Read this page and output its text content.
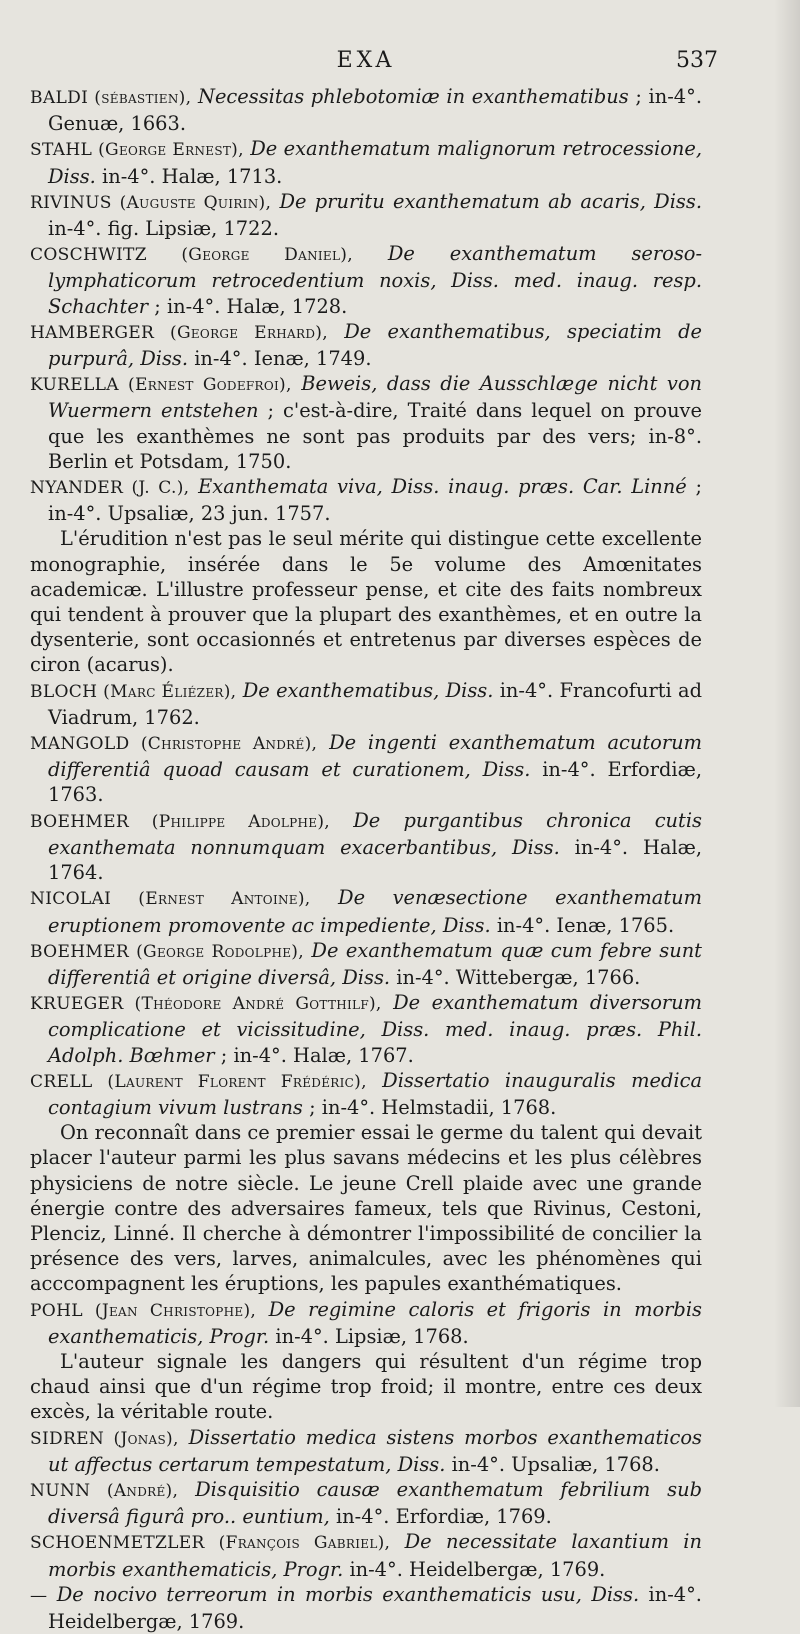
EXA	537

BALDI (sébastien), Necessitas phlebotomiæ in exanthematibus ; in-4°. Genuæ, 1663.

STAHL (George Ernest), De exanthematum malignorum retrocessione, Diss. in-4°. Halæ, 1713.

RIVINUS (Auguste Quirin), De pruritu exanthematum ab acaris, Diss. in-4°. fig. Lipsiæ, 1722.

COSCHWITZ (George Daniel), De exanthematum seroso-lymphaticorum retrocedentium noxis, Diss. med. inaug. resp. Schachter ; in-4°. Halæ, 1728.

HAMBERGER (George Erhard), De exanthematibus, speciatim de purpurâ, Diss. in-4°. Ienæ, 1749.

KURELLA (Ernest Godefroi), Beweis, dass die Ausschlæge nicht von Wuermern entstehen ; c'est-à-dire, Traité dans lequel on prouve que les exanthèmes ne sont pas produits par des vers; in-8°. Berlin et Potsdam, 1750.

NYANDER (J. C.), Exanthemata viva, Diss. inaug. præs. Car. Linné ; in-4°. Upsaliæ, 23 jun. 1757.

L'érudition n'est pas le seul mérite qui distingue cette excellente monographie, insérée dans le 5e volume des Amœnitates academicæ. L'illustre professeur pense, et cite des faits nombreux qui tendent à prouver que la plupart des exanthèmes, et en outre la dysenterie, sont occasionnés et entretenus par diverses espèces de ciron (acarus).

BLOCH (Marc Éliézer), De exanthematibus, Diss. in-4°. Francofurti ad Viadrum, 1762.

MANGOLD (Christophe André), De ingenti exanthematum acutorum differentiâ quoad causam et curationem, Diss. in-4°. Erfordiæ, 1763.

BOEHMER (Philippe Adolphe), De purgantibus chronica cutis exanthemata nonnumquam exacerbantibus, Diss. in-4°. Halæ, 1764.

NICOLAI (Ernest Antoine), De venæsectione exanthematum eruptionem promovente ac impediente, Diss. in-4°. Ienæ, 1765.

BOEHMER (George Rodolphe), De exanthematum quæ cum febre sunt differentiâ et origine diversâ, Diss. in-4°. Wittebergæ, 1766.

KRUEGER (Théodore André Gotthilf), De exanthematum diversorum complicatione et vicissitudine, Diss. med. inaug. præs. Phil. Adolph. Bœhmer ; in-4°. Halæ, 1767.

CRELL (Laurent Florent Frédéric), Dissertatio inauguralis medica contagium vivum lustrans ; in-4°. Helmstadii, 1768.

On reconnaît dans ce premier essai le germe du talent qui devait placer l'auteur parmi les plus savans médecins et les plus célèbres physiciens de notre siècle. Le jeune Crell plaide avec une grande énergie contre des adversaires fameux, tels que Rivinus, Cestoni, Plenciz, Linné. Il cherche à démontrer l'impossibilité de concilier la présence des vers, larves, animalcules, avec les phénomènes qui acccompagnent les éruptions, les papules exanthématiques.

POHL (Jean Christophe), De regimine caloris et frigoris in morbis exanthematicis, Progr. in-4°. Lipsiæ, 1768.

L'auteur signale les dangers qui résultent d'un régime trop chaud ainsi que d'un régime trop froid; il montre, entre ces deux excès, la véritable route.

SIDREN (Jonas), Dissertatio medica sistens morbos exanthematicos ut affectus certarum tempestatum, Diss. in-4°. Upsaliæ, 1768.

NUNN (André), Disquisitio causæ exanthematum febrilium sub diversâ figurâ pro.. euntium, in-4°. Erfordiæ, 1769.

SCHOENMETZLER (François Gabriel), De necessitate laxantium in morbis exanthematicis, Progr. in-4°. Heidelbergæ, 1769.

— De nocivo terreorum in morbis exanthematicis usu, Diss. in-4°. Heidelbergæ, 1769.
